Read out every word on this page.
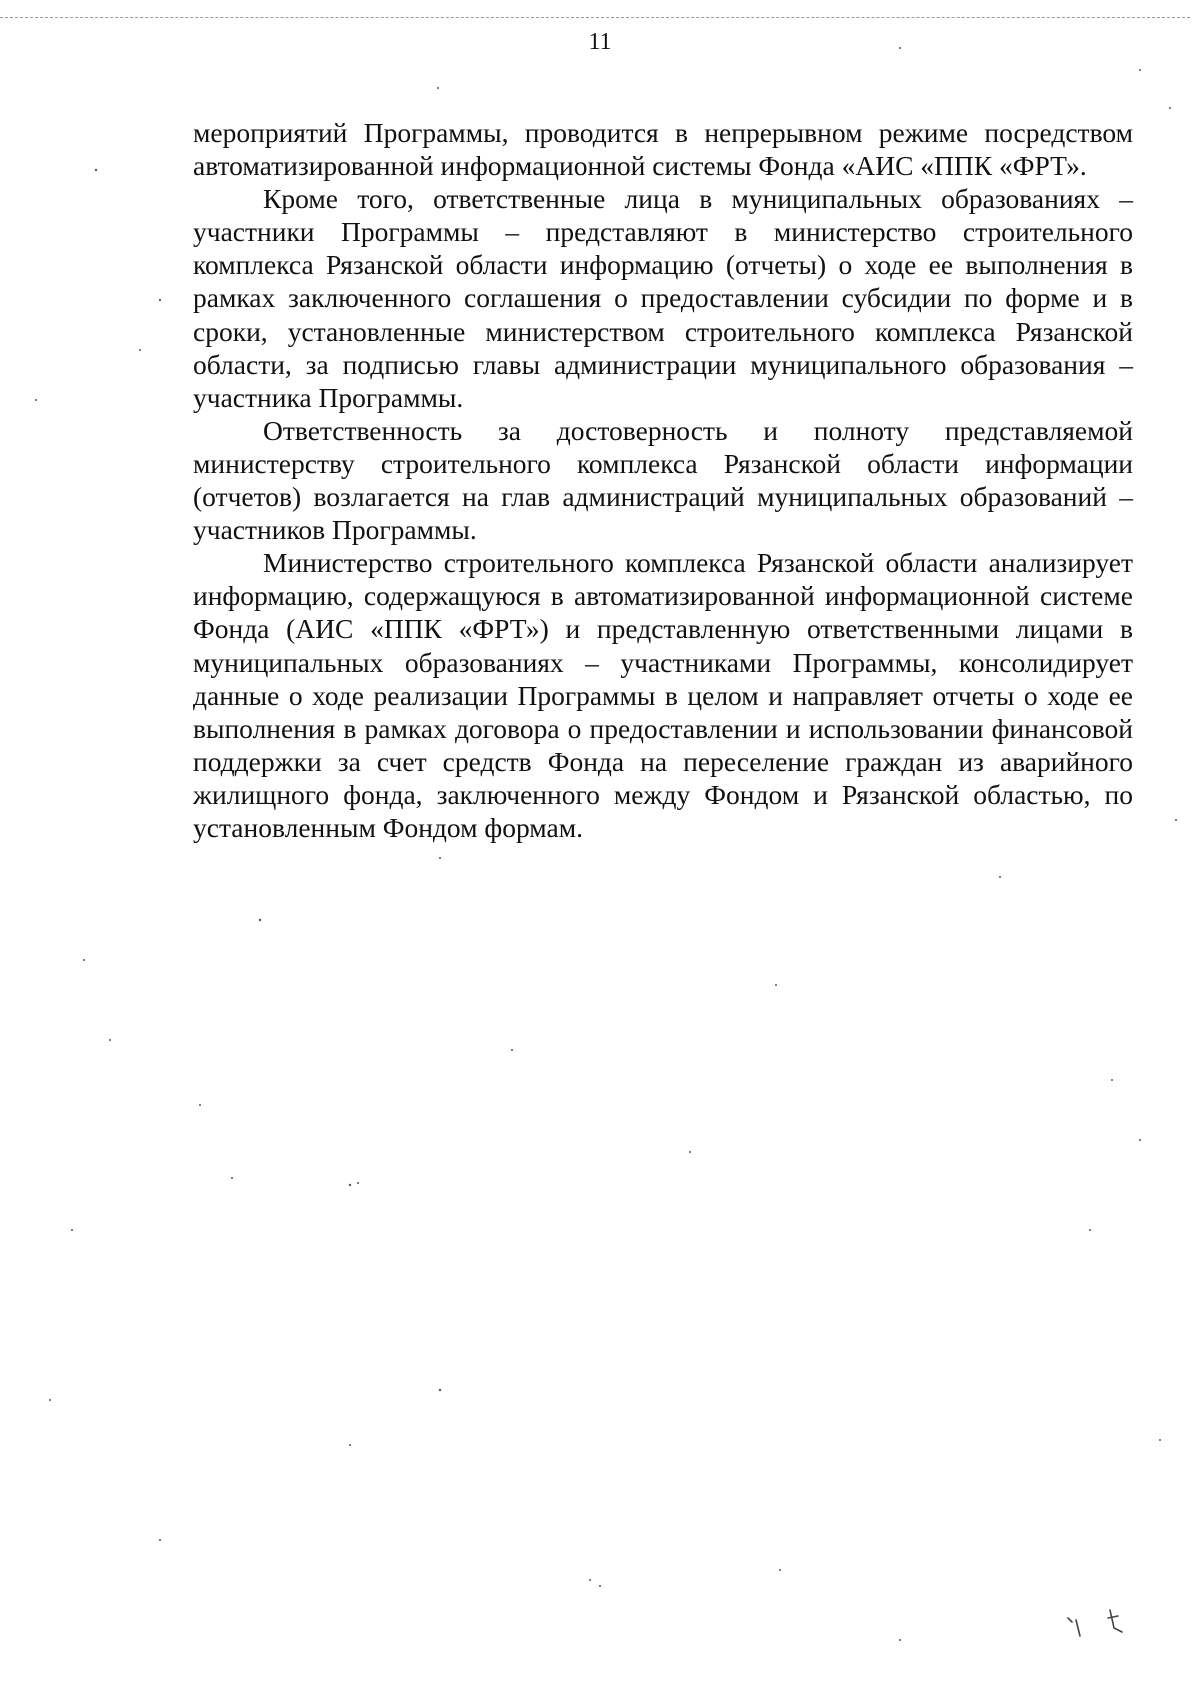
11

мероприятий Программы, проводится в непрерывном режиме посредством автоматизированной информационной системы Фонда «АИС «ППК «ФРТ».

Кроме того, ответственные лица в муниципальных образованиях – участники Программы – представляют в министерство строительного комплекса Рязанской области информацию (отчеты) о ходе ее выполнения в рамках заключенного соглашения о предоставлении субсидии по форме и в сроки, установленные министерством строительного комплекса Рязанской области, за подписью главы администрации муниципального образования – участника Программы.

Ответственность за достоверность и полноту представляемой министерству строительного комплекса Рязанской области информации (отчетов) возлагается на глав администраций муниципальных образований – участников Программы.

Министерство строительного комплекса Рязанской области анализирует информацию, содержащуюся в автоматизированной информационной системе Фонда (АИС «ППК «ФРТ») и представленную ответственными лицами в муниципальных образованиях – участниками Программы, консолидирует данные о ходе реализации Программы в целом и направляет отчеты о ходе ее выполнения в рамках договора о предоставлении и использовании финансовой поддержки за счет средств Фонда на переселение граждан из аварийного жилищного фонда, заключенного между Фондом и Рязанской областью, по установленным Фондом формам.
